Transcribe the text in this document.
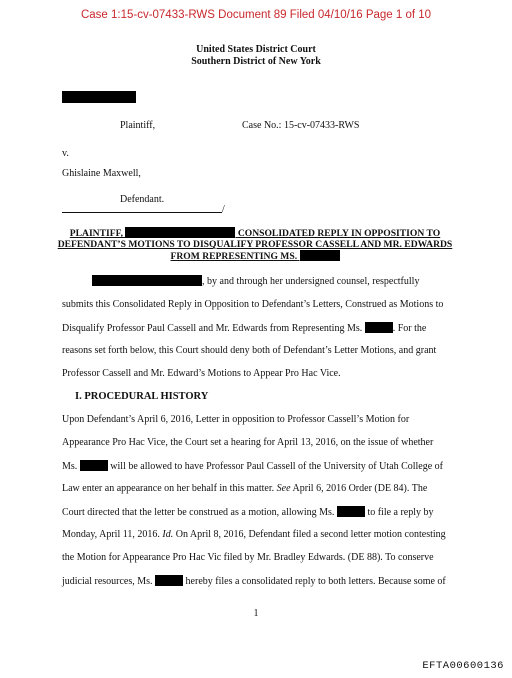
Case 1:15-cv-07433-RWS Document 89 Filed 04/10/16 Page 1 of 10
United States District Court
Southern District of New York
Plaintiff,	Case No.: 15-cv-07433-RWS
v.
Ghislaine Maxwell,
Defendant.
/
PLAINTIFF,	CONSOLIDATED REPLY IN OPPOSITION TO DEFENDANT’S MOTIONS TO DISQUALIFY PROFESSOR CASSELL AND MR. EDWARDS FROM REPRESENTING MS.
, by and through her undersigned counsel, respectfully
submits this Consolidated Reply in Opposition to Defendant’s Letters, Construed as Motions to
Disqualify Professor Paul Cassell and Mr. Edwards from Representing Ms.	. For the
reasons set forth below, this Court should deny both of Defendant’s Letter Motions, and grant
Professor Cassell and Mr. Edward’s Motions to Appear Pro Hac Vice.
I. PROCEDURAL HISTORY
Upon Defendant’s April 6, 2016, Letter in opposition to Professor Cassell’s Motion for
Appearance Pro Hac Vice, the Court set a hearing for April 13, 2016, on the issue of whether
Ms.	will be allowed to have Professor Paul Cassell of the University of Utah College of
Law enter an appearance on her behalf in this matter. See April 6, 2016 Order (DE 84). The
Court directed that the letter be construed as a motion, allowing Ms.	to file a reply by
Monday, April 11, 2016. Id. On April 8, 2016, Defendant filed a second letter motion contesting
the Motion for Appearance Pro Hac Vic filed by Mr. Bradley Edwards. (DE 88). To conserve
judicial resources, Ms.	hereby files a consolidated reply to both letters. Because some of
1
EFTA00600136
